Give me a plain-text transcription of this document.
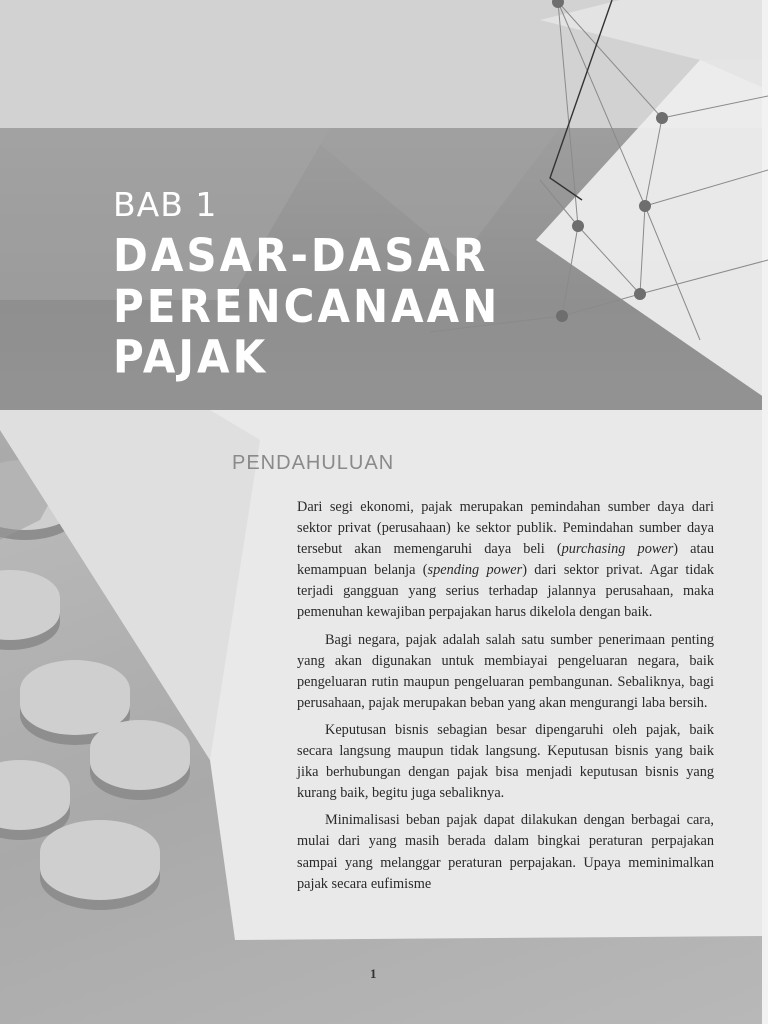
BAB 1
DASAR-DASAR
PERENCANAAN
PAJAK
PENDAHULUAN

Dari segi ekonomi, pajak merupakan pemindahan sumber daya dari sektor privat (perusahaan) ke sektor publik. Pemindahan sumber daya tersebut akan memengaruhi daya beli (purchasing power) atau kemampuan belanja (spending power) dari sektor privat. Agar tidak terjadi gangguan yang serius terhadap jalannya perusahaan, maka pemenuhan kewajiban perpajakan harus dikelola dengan baik.

Bagi negara, pajak adalah salah satu sumber penerimaan penting yang akan digunakan untuk membiayai pengeluaran negara, baik pengeluaran rutin maupun pengeluaran pembangunan. Sebaliknya, bagi perusahaan, pajak merupakan beban yang akan mengurangi laba bersih.

Keputusan bisnis sebagian besar dipengaruhi oleh pajak, baik secara langsung maupun tidak langsung. Keputusan bisnis yang baik jika berhubungan dengan pajak bisa menjadi keputusan bisnis yang kurang baik, begitu juga sebaliknya.

Minimalisasi beban pajak dapat dilakukan dengan berbagai cara, mulai dari yang masih berada dalam bingkai peraturan perpajakan sampai yang melanggar peraturan perpajakan. Upaya meminimalkan pajak secara eufimisme

1
